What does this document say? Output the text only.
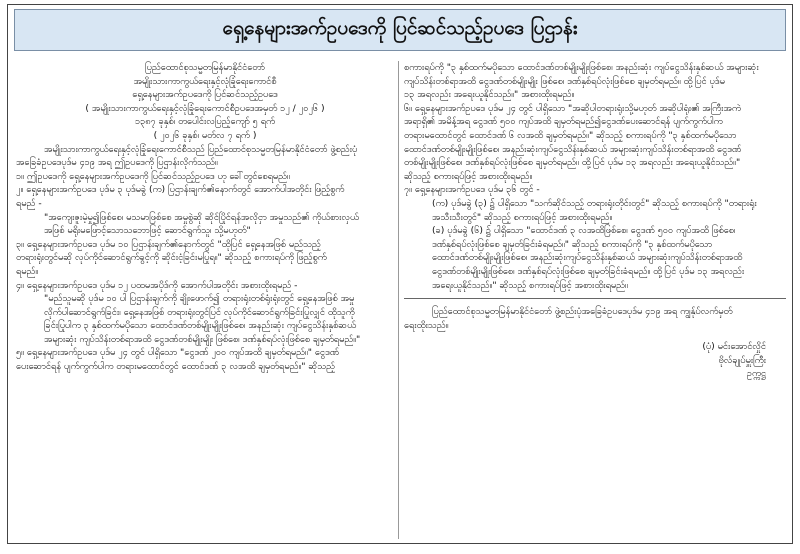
ရှေ့နေများအက်ဥပဒေကို ပြင်ဆင်သည့်ဥပဒေ ပြဌာန်း
ပြည်ထောင်စုသမ္မတမြန်မာနိုင်ငံတော်
အမျိုးသားကာကွယ်ရေးနှင့်လုံခြုံရေးကောင်စီ
ရှေ့နေများအက်ဥပဒေကို ပြင်ဆင်သည့်ဥပဒေ
( အမျိုးသားကာကွယ်ရေးနှင့်လုံခြုံရေးကောင်စီဥပဒေအမှတ် ၁၂ / ၂၀၂၆ )
၁၃၈၇ ခုနှစ်၊ တပေါင်းလပြည့်ကျော် ၅ ရက်
( ၂၀၂၆ ခုနှစ်၊ မတ်လ ၇ ရက် )
အမျိုးသားကာကွယ်ရေးနှင့်လုံခြုံရေးကောင်စီသည် ပြည်ထောင်စုသမ္မတမြန်မာနိုင်ငံတော် ဖွဲ့စည်းပုံ
အခြေခံဥပဒေပုဒ်မ ၄၁၉ အရ ဤဥပဒေကို ပြဌာန်းလိုက်သည်။
၁။ ဤဥပဒေကို ရှေ့နေများအက်ဥပဒေကို ပြင်ဆင်သည့်ဥပဒေ ဟု ခေါ်တွင်စေရမည်။
၂။ ရှေ့နေများအက်ဥပဒေ ပုဒ်မ ၃ ပုဒ်မခွဲ (က) ပြဌာန်းချက်၏နောက်တွင် အောက်ပါအတိုင်း ဖြည့်စွက်
ရမည် -
"အကျေးဇူးမဲ့မှု၍ဖြစ်စေ၊ မသမာဖြစ်စေ အမှုစွဲဆို ဆိုင်ပြိုင်ရန်အလိုငှာ အမှုသည်၏ ကိုယ်စားလှယ်
အဖြစ် မရိုးမဖြောင့်သောသဘောဖြင့် ဆောင်ရွက်သူ၊ သို့မဟုတ်"
၃။ ရှေ့နေများအက်ဥပဒေ ပုဒ်မ ၁၀ ပြဌာန်းချက်၏နောက်တွင် "ထိုပြင် ရှေ့နေအဖြစ် မည်သည့်
တရားရုံးတွင်မဆို လုပ်ကိုင်ဆောင်ရွက်ခွင့်ကို ဆိုင်းငံ့ခြင်းမပြုရ။" ဆိုသည့် စကားရပ်ကို ဖြည့်စွက်
ရမည်။
၄။ ရှေ့နေများအက်ဥပဒေ ပုဒ်မ ၁၂ ပထမအပိုဒ်ကို အောက်ပါအတိုင်း အစားထိုးရမည် -
"မည်သူမဆို ပုဒ်မ ၁၀ ပါ ပြဌာန်းချက်ကို ချိုးဖောက်၍ တရားရုံးတစ်ရုံးရုံးတွင် ရှေ့နေအဖြစ် အမှု
လိုက်ပါဆောင်ရွက်ခြင်း၊ ရှေ့နေအဖြစ် တရားရုံးတွင်ပြင် လုပ်ကိုင်ဆောင်ရွက်ခြင်းပြုလျှင် ထိုသူကို
ခြင်းပြုပါက ၃ နှစ်ထက်မပိုသော ထောင်ဒဏ်တစ်မျိုးမျိုးဖြစ်စေ၊ အနည်းဆုံး ကျပ်ငွေသိန်းနှစ်ဆယ်
အများဆုံး ကျပ်သိန်းတစ်ရာအထိ ငွေဒဏ်တစ်မျိုးမျိုး ဖြစ်စေ၊ ဒဏ်နှစ်ရပ်လုံးဖြစ်စေ ချမှတ်ရမည်။"
၅။ ရှေ့နေများအက်ဥပဒေ ပုဒ်မ ၂၄ တွင် ပါရှိသော "ငွေဒဏ် ၂၀၀ ကျပ်အထိ ချမှတ်ရမည်။" ငွေဒဏ်
ပေးဆောင်ရန် ပျက်ကွက်ပါက တရားမထောင်တွင် ထောင်ဒဏ် ၃ လအထိ ချမှတ်ရမည်။" ဆိုသည့်
စကားရပ်ကို "၃ နှစ်ထက်မပိုသော ထောင်ဒဏ်တစ်မျိုးမျိုးဖြစ်စေ၊ အနည်းဆုံး ကျပ်ငွေသိန်းနှစ်ဆယ် အများဆုံး
ကျပ်သိန်းတစ်ရာအထိ ငွေဒဏ်တစ်မျိုးမျိုး ဖြစ်စေ၊ ဒဏ်နှစ်ရပ်လုံးဖြစ်စေ ချမှတ်ရမည်။ ထို့ပြင် ပုဒ်မ
၁၃ အရလည်း အရေးယူနိုင်သည်။" အစားထိုးရမည်။
၆။ ရှေ့နေများအက်ဥပဒေ ပုဒ်မ ၂၄ တွင် ပါရှိသော "အဆိုပါတရားရုံးသို့မဟုတ် အဆိုပါရုံး၏ အကြီးအကဲ
အရာရှိ၏ အမိန့်အရ ငွေဒဏ် ၅၀၀ ကျပ်အထိ ချမှတ်ရမည်၍ငွေဒဏ်ပေးဆောင်ရန် ပျက်ကွက်ပါက
တရားမထောင်တွင် ထောင်ဒဏ် ၆ လအထိ ချမှတ်ရမည်။" ဆိုသည့် စကားရပ်ကို "၃ နှစ်ထက်မပိုသော
ထောင်ဒဏ်တစ်မျိုးမျိုးဖြစ်စေ၊ အနည်းဆုံးကျပ်ငွေသိန်းနှစ်ဆယ် အများဆုံးကျပ်သိန်းတစ်ရာအထိ ငွေဒဏ်
တစ်မျိုးမျိုးဖြစ်စေ၊ ဒဏ်နှစ်ရပ်လုံးဖြစ်စေ ချမှတ်ရမည်။ ထို့ပြင် ပုဒ်မ ၁၃ အရလည်း အရေးယူနိုင်သည်။"
ဆိုသည့် စကားရပ်ဖြင့် အစားထိုးရမည်။
၇။ ရှေ့နေများအက်ဥပဒေ ပုဒ်မ ၃၆ တွင် -
(က) ပုဒ်မခွဲ (၃) ၌ ပါရှိသော "သက်ဆိုင်သည့် တရားရုံးတိုင်းတွင်" ဆိုသည့် စကားရပ်ကို "တရားရုံး
အသီးသီးတွင်" ဆိုသည့် စကားရပ်ဖြင့် အစားထိုးရမည်။
(ခ) ပုဒ်မခွဲ (၆) ၌ ပါရှိသော "ထောင်ဒဏ် ၃ လအထိဖြစ်စေ၊ ငွေဒဏ် ၅၀၀ ကျပ်အထိ ဖြစ်စေ၊
ဒဏ်နှစ်ရပ်လုံးဖြစ်စေ ချမှတ်ခြင်းခံရမည်။" ဆိုသည့် စကားရပ်ကို "၃ နှစ်ထက်မပိုသော
ထောင်ဒဏ်တစ်မျိုးမျိုးဖြစ်စေ၊ အနည်းဆုံးကျပ်ငွေသိန်းနှစ်ဆယ် အများဆုံးကျပ်သိန်းတစ်ရာအထိ
ငွေဒဏ်တစ်မျိုးမျိုးဖြစ်စေ၊ ဒဏ်နှစ်ရပ်လုံးဖြစ်စေ ချမှတ်ခြင်းခံရမည်။ ထို့ပြင် ပုဒ်မ ၁၃ အရလည်း
အရေးယူနိုင်သည်။" ဆိုသည့် စကားရပ်ဖြင့် အစားထိုးရမည်။
ပြည်ထောင်စုသမ္မတမြန်မာနိုင်ငံတော် ဖွဲ့စည်းပုံအခြေခံဥပဒေပုဒ်မ ၄၁၉ အရ ကျွန်ုပ်လက်မှတ်
ရေးထိုးသည်။
(ပုံ) မင်းအောင်လှိုင်
ဗိုလ်ချုပ်မှူးကြီး
ဥက္ကဋ္ဌ
